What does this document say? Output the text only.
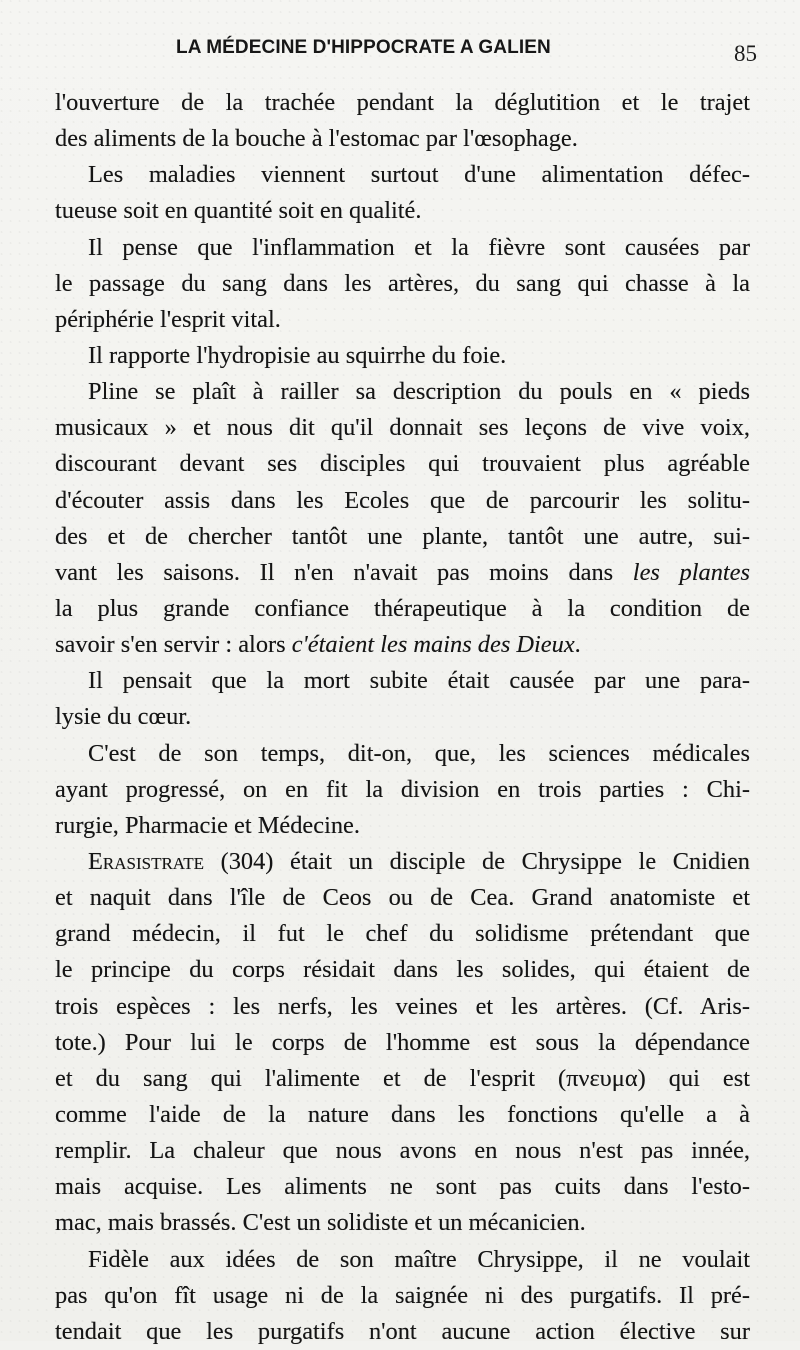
LA MÉDECINE D'HIPPOCRATE A GALIEN	85
l'ouverture de la trachée pendant la déglutition et le trajet
des aliments de la bouche à l'estomac par l'œsophage.
Les maladies viennent surtout d'une alimentation défec-
tueuse soit en quantité soit en qualité.
Il pense que l'inflammation et la fièvre sont causées par
le passage du sang dans les artères, du sang qui chasse à la
périphérie l'esprit vital.
Il rapporte l'hydropisie au squirrhe du foie.
Pline se plaît à railler sa description du pouls en « pieds
musicaux » et nous dit qu'il donnait ses leçons de vive voix,
discourant devant ses disciples qui trouvaient plus agréable
d'écouter assis dans les Ecoles que de parcourir les solitu-
des et de chercher tantôt une plante, tantôt une autre, sui-
vant les saisons. Il n'en n'avait pas moins dans les plantes
la plus grande confiance thérapeutique à la condition de
savoir s'en servir : alors c'étaient les mains des Dieux.
Il pensait que la mort subite était causée par une para-
lysie du cœur.
C'est de son temps, dit-on, que, les sciences médicales
ayant progressé, on en fit la division en trois parties : Chi-
rurgie, Pharmacie et Médecine.
Erasistrate (304) était un disciple de Chrysippe le Cnidien
et naquit dans l'île de Ceos ou de Cea. Grand anatomiste et
grand médecin, il fut le chef du solidisme prétendant que
le principe du corps résidait dans les solides, qui étaient de
trois espèces : les nerfs, les veines et les artères. (Cf. Aris-
tote.) Pour lui le corps de l'homme est sous la dépendance
et du sang qui l'alimente et de l'esprit (πνευμα) qui est
comme l'aide de la nature dans les fonctions qu'elle a à
remplir. La chaleur que nous avons en nous n'est pas innée,
mais acquise. Les aliments ne sont pas cuits dans l'esto-
mac, mais brassés. C'est un solidiste et un mécanicien.
Fidèle aux idées de son maître Chrysippe, il ne voulait
pas qu'on fît usage ni de la saignée ni des purgatifs. Il pré-
tendait que les purgatifs n'ont aucune action élective sur
